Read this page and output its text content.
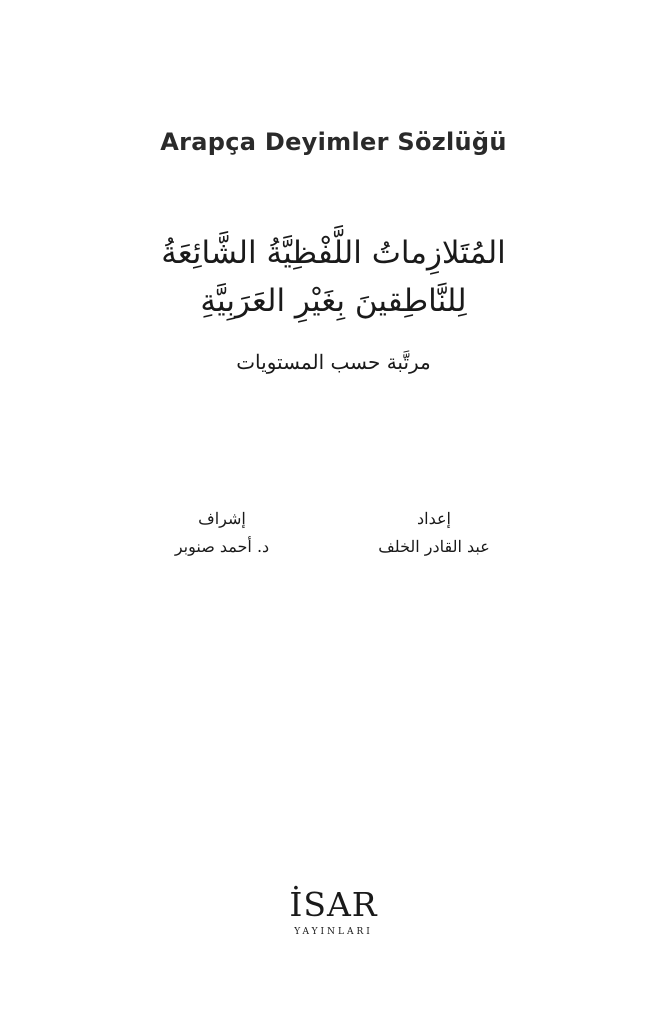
Arapça Deyimler Sözlüğü
المُتَلازِماتُ اللَّفْظِيَّةُ الشَّائِعَةُ
لِلنَّاطِقينَ بِغَيْرِ العَرَبِيَّةِ
مرتَّبة حسب المستويات
إعداد
عبد القادر الخلف
إشراف
د. أحمد صنوبر
İSAR
YAYINLARI
